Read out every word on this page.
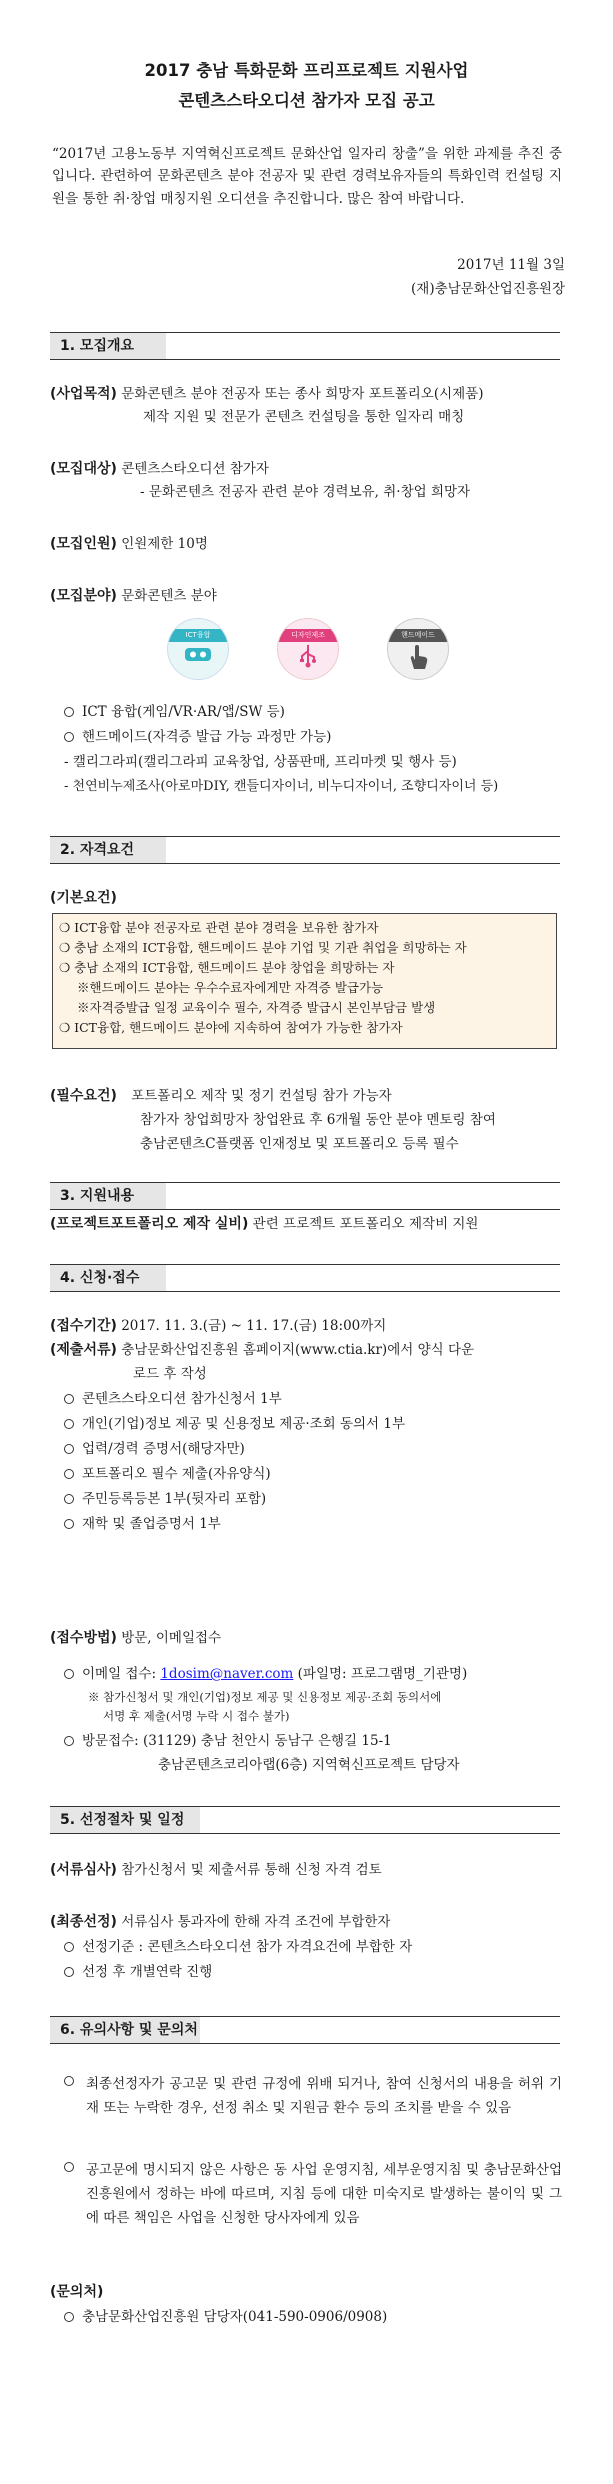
2017 충남 특화문화 프리프로젝트 지원사업
콘텐츠스타오디션 참가자 모집 공고
“2017년 고용노동부 지역혁신프로젝트 문화산업 일자리 창출”을 위한 과제를 추진 중입니다. 관련하여 문화콘텐츠 분야 전공자 및 관련 경력보유자들의 특화인력 컨설팅 지원을 통한 취·창업 매칭지원 오디션을 추진합니다. 많은 참여 바랍니다.
2017년 11월 3일
(재)충남문화산업진흥원장
1. 모집개요
(사업목적) 문화콘텐츠 분야 전공자 또는 종사 희망자 포트폴리오(시제품)
제작 지원 및 전문가 콘텐츠 컨설팅을 통한 일자리 매칭
(모집대상) 콘텐츠스타오디션 참가자
- 문화콘텐츠 전공자 관련 분야 경력보유, 취·창업 희망자
(모집인원) 인원제한 10명
(모집분야) 문화콘텐츠 분야
ICT융합	디자인제조	핸드메이드
ICT 융합(게임/VR·AR/앱/SW 등)
핸드메이드(자격증 발급 가능 과정만 가능)
- 캘리그라피(캘리그라피 교육창업, 상품판매, 프리마켓 및 행사 등)
- 천연비누제조사(아로마DIY, 캔들디자이너, 비누디자이너, 조향디자이너 등)
2. 자격요건
(기본요건)
❍ ICT융합 분야 전공자로 관련 분야 경력을 보유한 참가자
❍ 충남 소재의 ICT융합, 핸드메이드 분야 기업 및 기관 취업을 희망하는 자
❍ 충남 소재의 ICT융합, 핸드메이드 분야 창업을 희망하는 자
※핸드메이드 분야는 우수수료자에게만 자격증 발급가능
※자격증발급 일정 교육이수 필수, 자격증 발급시 본인부담금 발생
❍ ICT융합, 핸드메이드 분야에 지속하여 참여가 가능한 참가자
(필수요건) 포트폴리오 제작 및 정기 컨설팅 참가 가능자
참가자 창업희망자 창업완료 후 6개월 동안 분야 멘토링 참여
충남콘텐츠C플랫폼 인재정보 및 포트폴리오 등록 필수
3. 지원내용
(프로젝트포트폴리오 제작 실비) 관련 프로젝트 포트폴리오 제작비 지원
4. 신청·접수
(접수기간) 2017. 11. 3.(금) ~ 11. 17.(금) 18:00까지
(제출서류) 충남문화산업진흥원 홈페이지(www.ctia.kr)에서 양식 다운
로드 후 작성
콘텐츠스타오디션 참가신청서 1부
개인(기업)정보 제공 및 신용정보 제공·조회 동의서 1부
업력/경력 증명서(해당자만)
포트폴리오 필수 제출(자유양식)
주민등록등본 1부(뒷자리 포함)
재학 및 졸업증명서 1부
(접수방법) 방문, 이메일접수
이메일 접수: 1dosim@naver.com (파일명: 프로그램명_기관명)
※ 참가신청서 및 개인(기업)정보 제공 및 신용정보 제공·조회 동의서에
서명 후 제출(서명 누락 시 접수 불가)
방문접수: (31129) 충남 천안시 동남구 은행길 15-1
충남콘텐츠코리아랩(6층) 지역혁신프로젝트 담당자
5. 선정절차 및 일정
(서류심사) 참가신청서 및 제출서류 통해 신청 자격 검토
(최종선정) 서류심사 통과자에 한해 자격 조건에 부합한자
선정기준 : 콘텐츠스타오디션 참가 자격요건에 부합한 자
선정 후 개별연락 진행
6. 유의사항 및 문의처
최종선정자가 공고문 및 관련 규정에 위배 되거나, 참여 신청서의 내용을 허위 기재 또는 누락한 경우, 선정 취소 및 지원금 환수 등의 조치를 받을 수 있음
공고문에 명시되지 않은 사항은 동 사업 운영지침, 세부운영지침 및 충남문화산업진흥원에서 정하는 바에 따르며, 지침 등에 대한 미숙지로 발생하는 불이익 및 그에 따른 책임은 사업을 신청한 당사자에게 있음
(문의처)
충남문화산업진흥원 담당자(041-590-0906/0908)
